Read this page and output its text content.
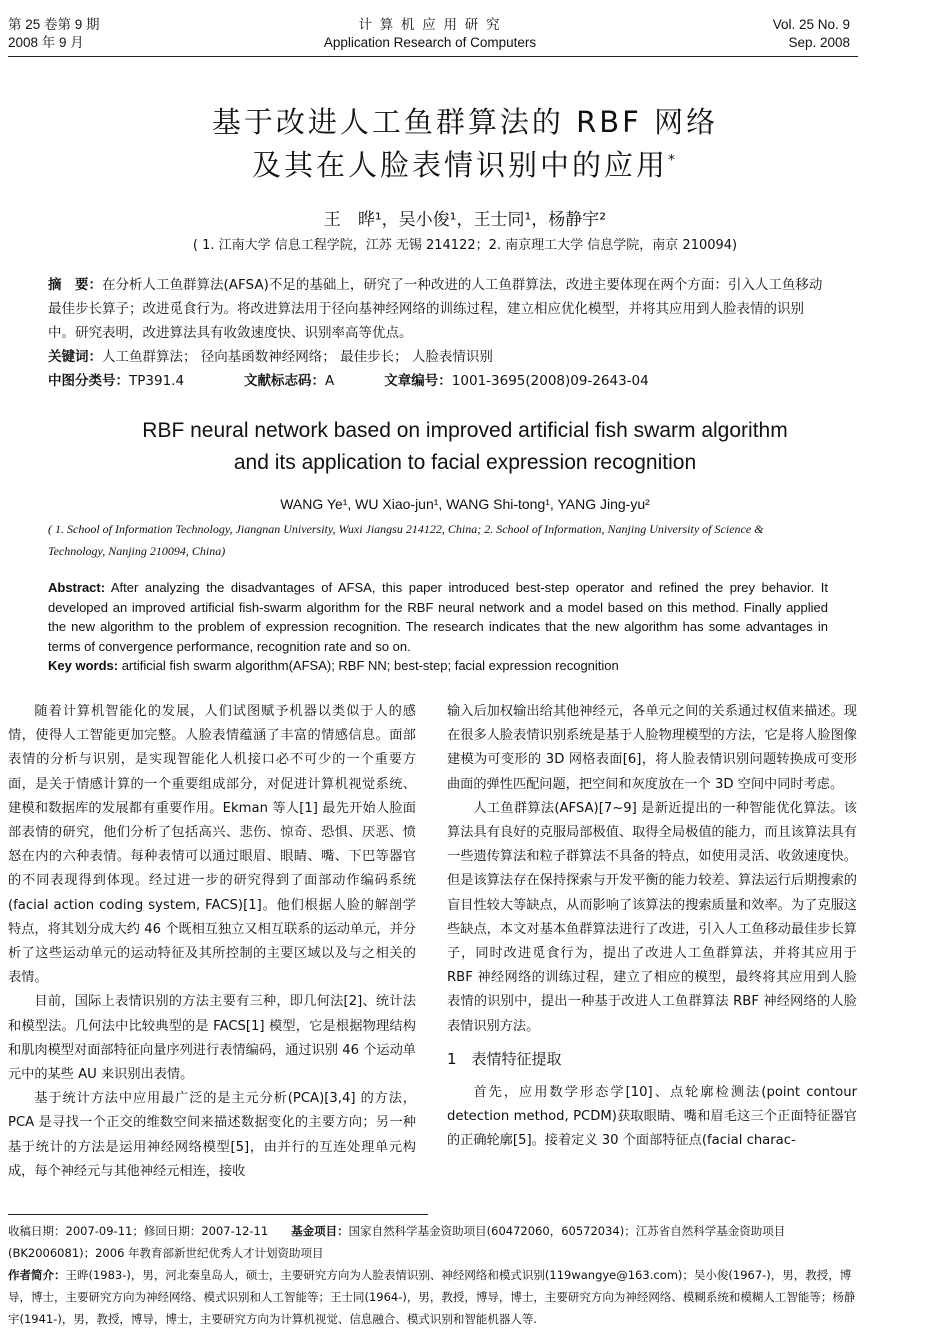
第 25 卷第 9 期
2008 年 9 月
计 算 机 应 用 研 究
Application Research of Computers
Vol. 25 No. 9
Sep. 2008
基于改进人工鱼群算法的 RBF 网络
及其在人脸表情识别中的应用*
王　晔¹，吴小俊¹，王士同¹，杨静宇²
( 1. 江南大学 信息工程学院，江苏 无锡 214122；2. 南京理工大学 信息学院，南京 210094)
摘　要：在分析人工鱼群算法(AFSA)不足的基础上，研究了一种改进的人工鱼群算法，改进主要体现在两个方面：引入人工鱼移动最佳步长算子；改进觅食行为。将改进算法用于径向基神经网络的训练过程，建立相应优化模型，并将其应用到人脸表情的识别中。研究表明，改进算法具有收敛速度快、识别率高等优点。
关键词：人工鱼群算法； 径向基函数神经网络； 最佳步长； 人脸表情识别
中图分类号：TP391.4	文献标志码：A	文章编号：1001-3695(2008)09-2643-04
RBF neural network based on improved artificial fish swarm algorithm
and its application to facial expression recognition
WANG Ye¹, WU Xiao-jun¹, WANG Shi-tong¹, YANG Jing-yu²
( 1. School of Information Technology, Jiangnan University, Wuxi Jiangsu 214122, China; 2. School of Information, Nanjing University of Science & Technology, Nanjing 210094, China)
Abstract: After analyzing the disadvantages of AFSA, this paper introduced best-step operator and refined the prey behavior. It developed an improved artificial fish-swarm algorithm for the RBF neural network and a model based on this method. Finally applied the new algorithm to the problem of expression recognition. The research indicates that the new algorithm has some advantages in terms of convergence performance, recognition rate and so on.
Key words: artificial fish swarm algorithm(AFSA); RBF NN; best-step; facial expression recognition

随着计算机智能化的发展，人们试图赋予机器以类似于人的感情，使得人工智能更加完整。人脸表情蕴涵了丰富的情感信息。面部表情的分析与识别，是实现智能化人机接口必不可少的一个重要方面，是关于情感计算的一个重要组成部分，对促进计算机视觉系统、建模和数据库的发展都有重要作用。Ekman 等人[1] 最先开始人脸面部表情的研究，他们分析了包括高兴、悲伤、惊奇、恐惧、厌恶、愤怒在内的六种表情。每种表情可以通过眼眉、眼睛、嘴、下巴等器官的不同表现得到体现。经过进一步的研究得到了面部动作编码系统(facial action coding system, FACS)[1]。他们根据人脸的解剖学特点，将其划分成大约 46 个既相互独立又相互联系的运动单元，并分析了这些运动单元的运动特征及其所控制的主要区域以及与之相关的表情。

目前，国际上表情识别的方法主要有三种，即几何法[2]、统计法和模型法。几何法中比较典型的是 FACS[1] 模型，它是根据物理结构和肌肉模型对面部特征向量序列进行表情编码，通过识别 46 个运动单元中的某些 AU 来识别出表情。

基于统计方法中应用最广泛的是主元分析(PCA)[3,4] 的方法，PCA 是寻找一个正交的维数空间来描述数据变化的主要方向；另一种基于统计的方法是运用神经网络模型[5]，由并行的互连处理单元构成，每个神经元与其他神经元相连，接收

输入后加权输出给其他神经元，各单元之间的关系通过权值来描述。现在很多人脸表情识别系统是基于人脸物理模型的方法，它是将人脸图像建模为可变形的 3D 网格表面[6]，将人脸表情识别问题转换成可变形曲面的弹性匹配问题，把空间和灰度放在一个 3D 空间中同时考虑。

人工鱼群算法(AFSA)[7~9] 是新近提出的一种智能优化算法。该算法具有良好的克服局部极值、取得全局极值的能力，而且该算法具有一些遗传算法和粒子群算法不具备的特点，如使用灵活、收敛速度快。但是该算法存在保持探索与开发平衡的能力较差、算法运行后期搜索的盲目性较大等缺点，从而影响了该算法的搜索质量和效率。为了克服这些缺点，本文对基本鱼群算法进行了改进，引入人工鱼移动最佳步长算子，同时改进觅食行为，提出了改进人工鱼群算法，并将其应用于 RBF 神经网络的训练过程，建立了相应的模型，最终将其应用到人脸表情的识别中，提出一种基于改进人工鱼群算法 RBF 神经网络的人脸表情识别方法。

1　表情特征提取

首先，应用数学形态学[10]、点轮廓检测法(point contour detection method, PCDM)获取眼睛、嘴和眉毛这三个正面特征器官的正确轮廓[5]。接着定义 30 个面部特征点(facial charac-

收稿日期：2007-09-11；修回日期：2007-12-11　　 基金项目：国家自然科学基金资助项目(60472060，60572034)；江苏省自然科学基金资助项目(BK2006081)；2006 年教育部新世纪优秀人才计划资助项目
作者简介：王晔(1983-)，男，河北秦皇岛人，硕士，主要研究方向为人脸表情识别、神经网络和模式识别(119wangye@163.com)；吴小俊(1967-)，男，教授，博导，博士，主要研究方向为神经网络、模式识别和人工智能等；王士同(1964-)，男，教授，博导，博士，主要研究方向为神经网络、模糊系统和模糊人工智能等；杨静宇(1941-)，男，教授，博导，博士，主要研究方向为计算机视觉、信息融合、模式识别和智能机器人等.
